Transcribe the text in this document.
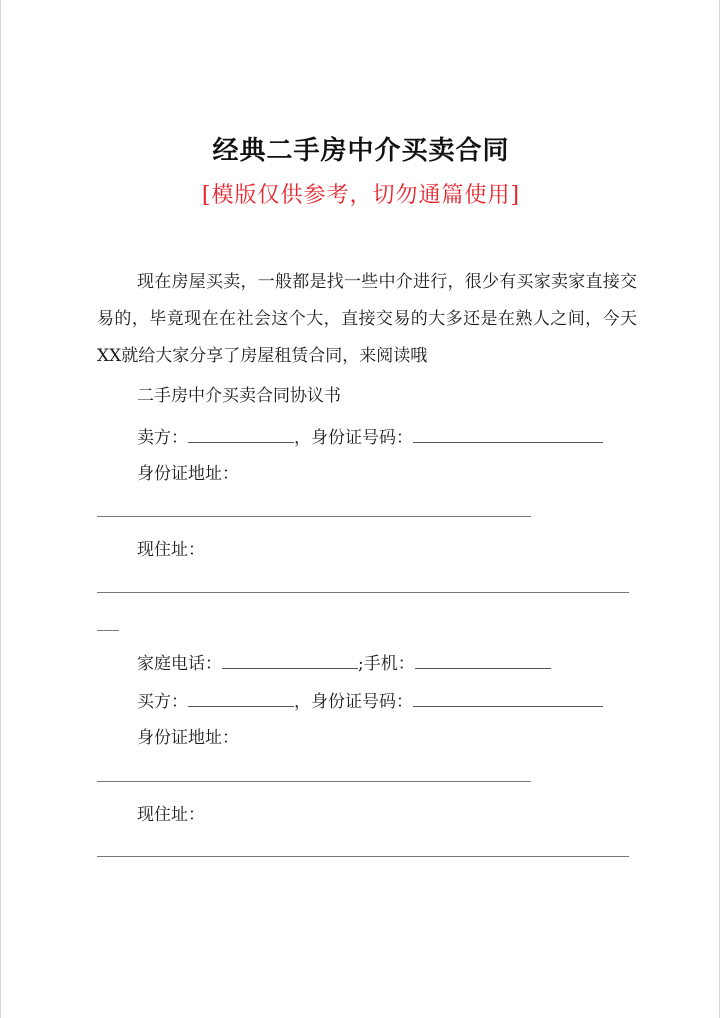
经典二手房中介买卖合同
[模版仅供参考，切勿通篇使用]
现在房屋买卖，一般都是找一些中介进行，很少有买家卖家直接交易的，毕竟现在在社会这个大，直接交易的大多还是在熟人之间，今天XX就给大家分享了房屋租赁合同，来阅读哦
二手房中介买卖合同协议书
卖方：	，身份证号码：
身份证地址：
现住址：
家庭电话：	;手机：
买方：	，身份证号码：
身份证地址：
现住址：
